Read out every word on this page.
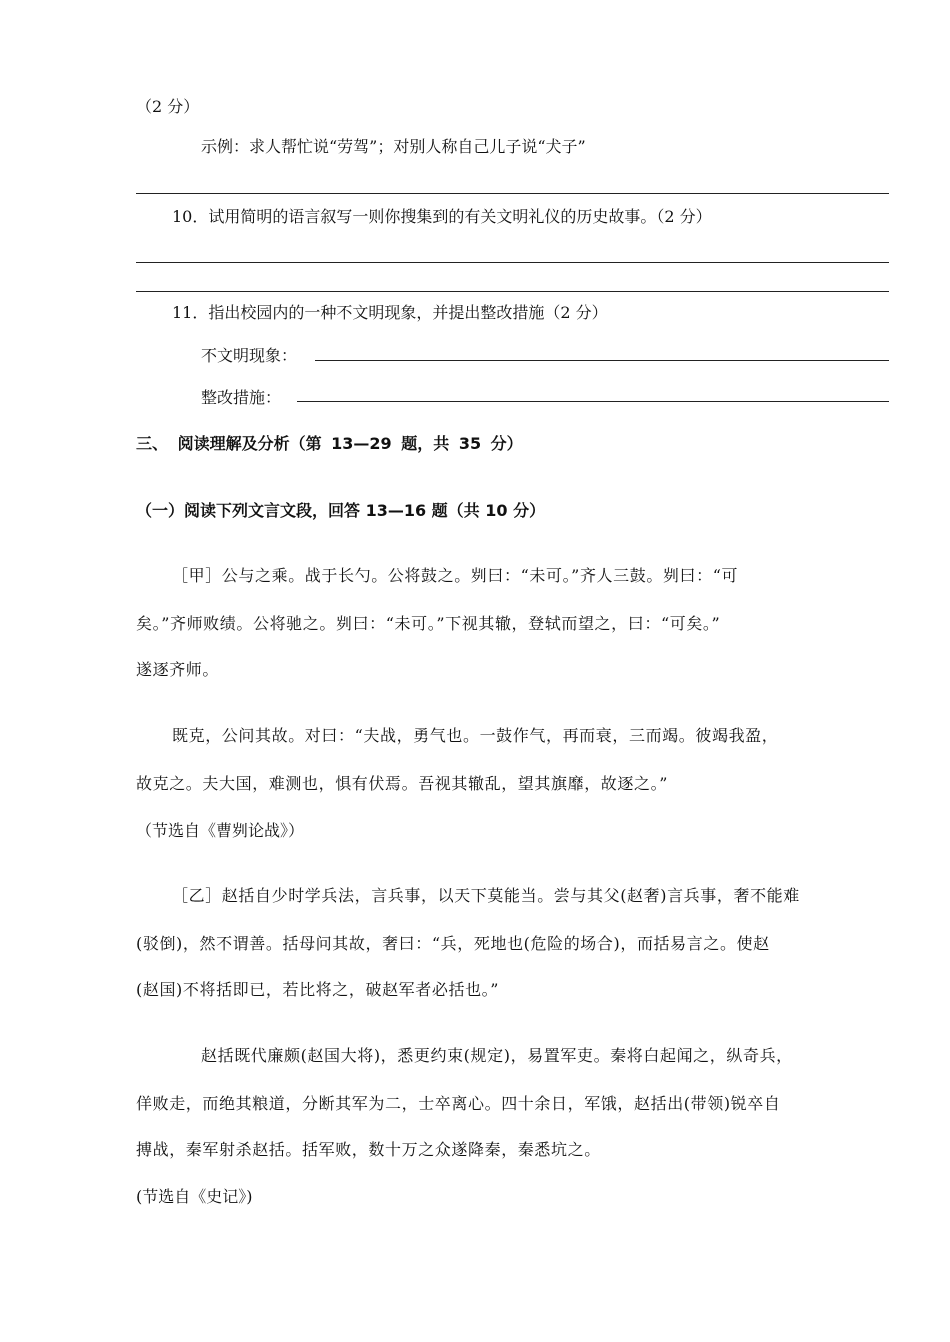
（2 分）
示例：求人帮忙说“劳驾”；对别人称自己儿子说“犬子”
10．试用简明的语言叙写一则你搜集到的有关文明礼仪的历史故事。（2 分）
11．指出校园内的一种不文明现象，并提出整改措施（2 分）
不文明现象：
整改措施：
三、 阅读理解及分析（第 13—29 题，共 35 分）
（一）阅读下列文言文段，回答 13—16 题（共 10 分）
［甲］公与之乘。战于长勺。公将鼓之。刿曰：“未可。”齐人三鼓。刿曰：“可
矣。”齐师败绩。公将驰之。刿曰：“未可。”下视其辙，登轼而望之，曰：“可矣。”
遂逐齐师。
既克，公问其故。对曰：“夫战，勇气也。一鼓作气，再而衰，三而竭。彼竭我盈，
故克之。夫大国，难测也，惧有伏焉。吾视其辙乱，望其旗靡，故逐之。”
（节选自《曹刿论战》）
［乙］赵括自少时学兵法，言兵事，以天下莫能当。尝与其父(赵奢)言兵事，奢不能难
(驳倒)，然不谓善。括母问其故，奢曰：“兵，死地也(危险的场合)，而括易言之。使赵
(赵国)不将括即已，若比将之，破赵军者必括也。”
赵括既代廉颇(赵国大将)，悉更约束(规定)，易置军吏。秦将白起闻之，纵奇兵，
佯败走，而绝其粮道，分断其军为二，士卒离心。四十余日，军饿，赵括出(带领)锐卒自
搏战，秦军射杀赵括。括军败，数十万之众遂降秦，秦悉坑之。
(节选自《史记》)
